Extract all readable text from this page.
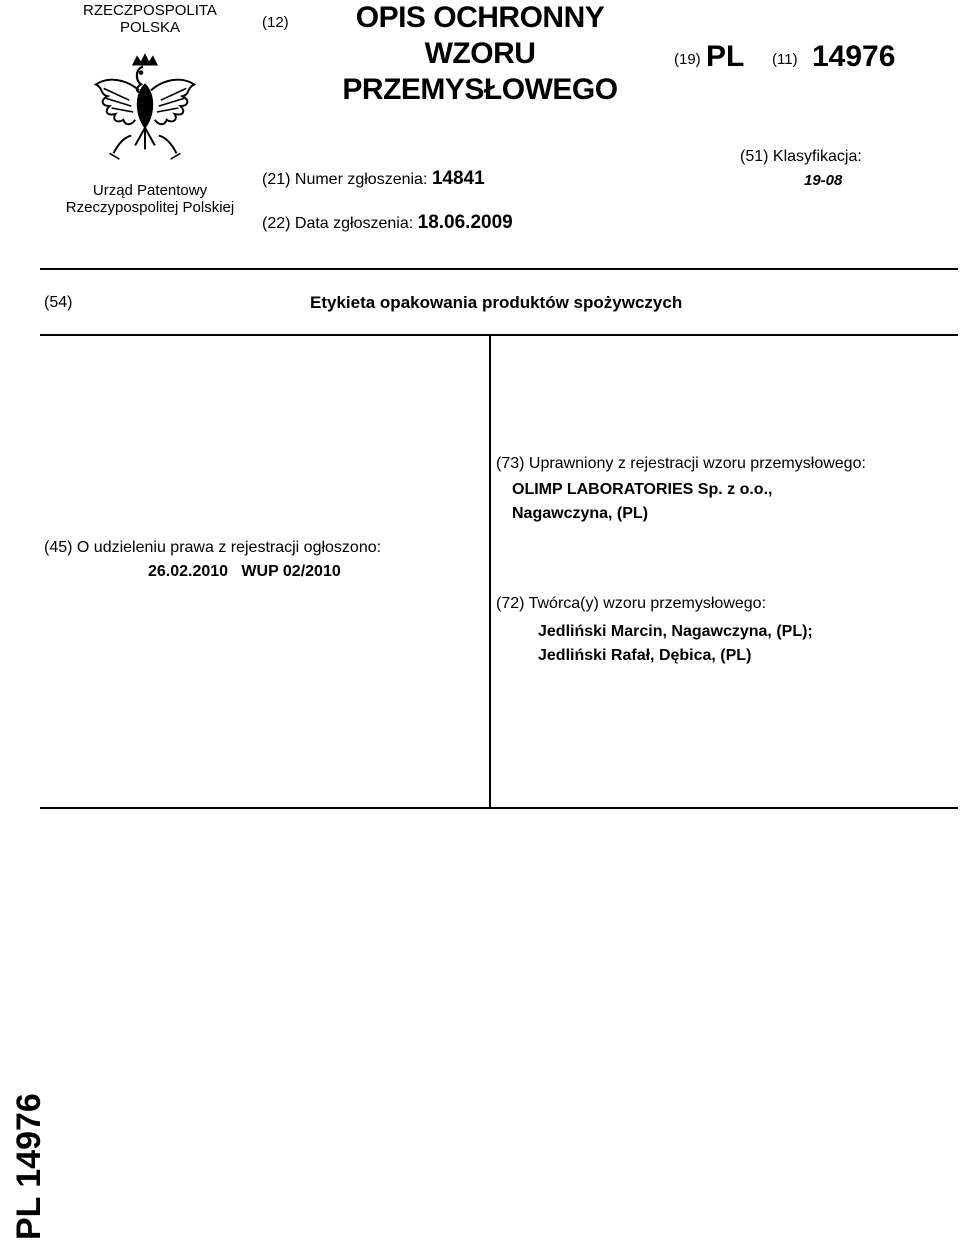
RZECZPOSPOLITA
POLSKA
Urząd Patentowy
Rzeczypospolitej Polskiej
(12)	OPIS OCHRONNY
WZORU
PRZEMYSŁOWEGO
(19) PL (11) 14976
(21) Numer zgłoszenia: 14841
(22) Data zgłoszenia: 18.06.2009
(51) Klasyfikacja:
19-08
(54)	Etykieta opakowania produktów spożywczych
(73) Uprawniony z rejestracji wzoru przemysłowego:
OLIMP LABORATORIES Sp. z o.o.,
Nagawczyna, (PL)
(45) O udzieleniu prawa z rejestracji ogłoszono:
26.02.2010   WUP 02/2010
(72) Twórca(y) wzoru przemysłowego:
Jedliński Marcin, Nagawczyna, (PL);
Jedliński Rafał, Dębica, (PL)
PL 14976
